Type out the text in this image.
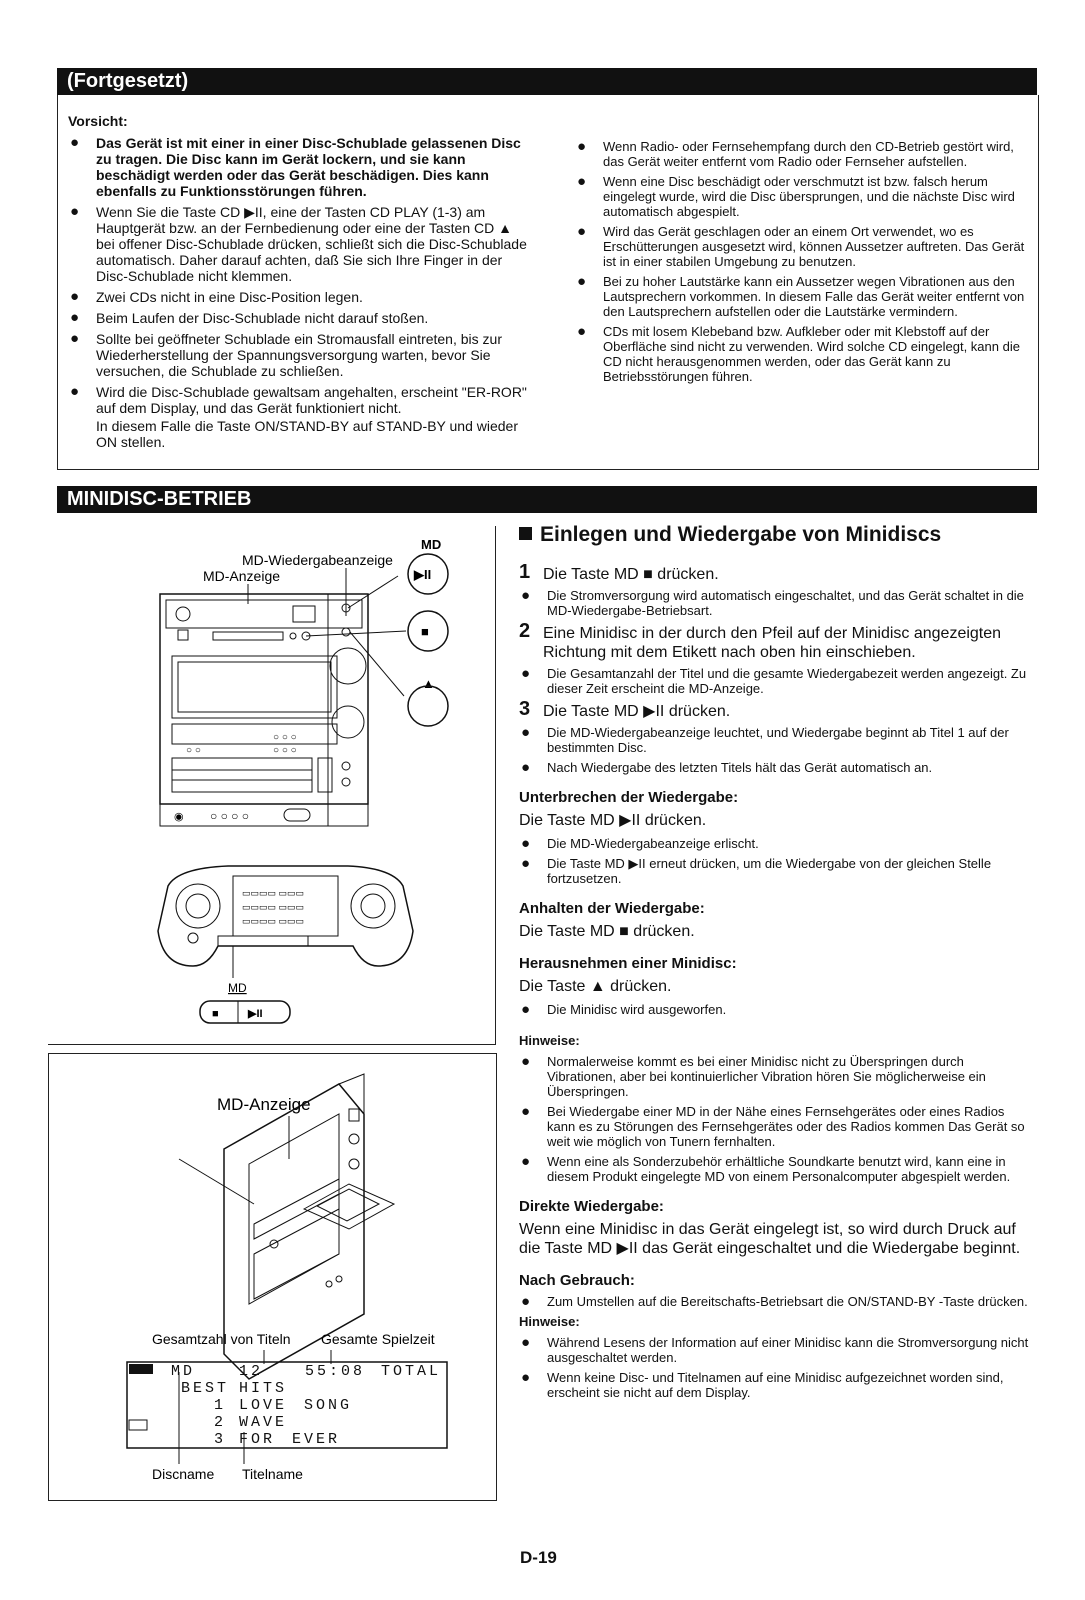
(Fortgesetzt)
Vorsicht:
● Das Gerät ist mit einer in einer Disc-Schublade gelassenen Disc zu tragen. Die Disc kann im Gerät lockern, und sie kann beschädigt werden oder das Gerät beschädigen. Dies kann ebenfalls zu Funktionsstörungen führen.
● Wenn Sie die Taste CD ▶II, eine der Tasten CD PLAY (1-3) am Hauptgerät bzw. an der Fernbedienung oder eine der Tasten CD ▲ bei offener Disc-Schublade drücken, schließt sich die Disc-Schublade automatisch. Daher darauf achten, daß Sie sich Ihre Finger in der Disc-Schublade nicht klemmen.
● Zwei CDs nicht in eine Disc-Position legen.
● Beim Laufen der Disc-Schublade nicht darauf stoßen.
● Sollte bei geöffneter Schublade ein Stromausfall eintreten, bis zur Wiederherstellung der Spannungsversorgung warten, bevor Sie versuchen, die Schublade zu schließen.
● Wird die Disc-Schublade gewaltsam angehalten, erscheint "ER-ROR" auf dem Display, und das Gerät funktioniert nicht.
In diesem Falle die Taste ON/STAND-BY auf STAND-BY und wieder ON stellen.
● Wenn Radio- oder Fernsehempfang durch den CD-Betrieb gestört wird, das Gerät weiter entfernt vom Radio oder Fernseher aufstellen.
● Wenn eine Disc beschädigt oder verschmutzt ist bzw. falsch herum eingelegt wurde, wird die Disc übersprungen, und die nächste Disc wird automatisch abgespielt.
● Wird das Gerät geschlagen oder an einem Ort verwendet, wo es Erschütterungen ausgesetzt wird, können Aussetzer auftreten. Das Gerät ist in einer stabilen Umgebung zu benutzen.
● Bei zu hoher Lautstärke kann ein Aussetzer wegen Vibrationen aus den Lautsprechern vorkommen. In diesem Falle das Gerät weiter entfernt von den Lautsprechern aufstellen oder die Lautstärke vermindern.
● CDs mit losem Klebeband bzw. Aufkleber oder mit Klebstoff auf der Oberfläche sind nicht zu verwenden. Wird solche CD eingelegt, kann die CD nicht herausgenommen werden, oder das Gerät kann zu Betriebsstörungen führen.
MINIDISC-BETRIEB
MD
MD-Wiedergabeanzeige
MD-Anzeige
○ ○ ○
○ ○	○ ○ ○
◉ ○ ○ ○ ○
▶II
■
▲
▭▭▭▭ ▭▭▭
▭▭▭▭ ▭▭▭
▭▭▭▭ ▭▭▭
MD
■	▶II
MD-Anzeige
Gesamtzahl von Titeln Gesamte Spielzeit
Discname Titelname
MD	12	55:08	TOTAL
BEST HITS
1 LOVE SONG
2 WAVE
3 FOR EVER
Einlegen und Wiedergabe von Minidiscs
1 Die Taste MD ■ drücken.
● Die Stromversorgung wird automatisch eingeschaltet, und das Gerät schaltet in die MD-Wiedergabe-Betriebsart.
2 Eine Minidisc in der durch den Pfeil auf der Minidisc angezeigten Richtung mit dem Etikett nach oben hin einschieben.
● Die Gesamtanzahl der Titel und die gesamte Wiedergabezeit werden angezeigt. Zu dieser Zeit erscheint die MD-Anzeige.
3 Die Taste MD ▶II drücken.
● Die MD-Wiedergabeanzeige leuchtet, und Wiedergabe beginnt ab Titel 1 auf der bestimmten Disc.
● Nach Wiedergabe des letzten Titels hält das Gerät automatisch an.
Unterbrechen der Wiedergabe:
Die Taste MD ▶II drücken.
● Die MD-Wiedergabeanzeige erlischt.
● Die Taste MD ▶II erneut drücken, um die Wiedergabe von der gleichen Stelle fortzusetzen.
Anhalten der Wiedergabe:
Die Taste MD ■ drücken.
Herausnehmen einer Minidisc:
Die Taste ▲ drücken.
● Die Minidisc wird ausgeworfen.
Hinweise:
● Normalerweise kommt es bei einer Minidisc nicht zu Überspringen durch Vibrationen, aber bei kontinuierlicher Vibration hören Sie möglicherweise ein Überspringen.
● Bei Wiedergabe einer MD in der Nähe eines Fernsehgerätes oder eines Radios kann es zu Störungen des Fernsehgerätes oder des Radios kommen Das Gerät so weit wie möglich von Tunern fernhalten.
● Wenn eine als Sonderzubehör erhältliche Soundkarte benutzt wird, kann eine in diesem Produkt eingelegte MD von einem Personalcomputer abgespielt werden.
Direkte Wiedergabe:
Wenn eine Minidisc in das Gerät eingelegt ist, so wird durch Druck auf die Taste MD ▶II das Gerät eingeschaltet und die Wiedergabe beginnt.
Nach Gebrauch:
● Zum Umstellen auf die Bereitschafts-Betriebsart die ON/STAND-BY -Taste drücken.
Hinweise:
● Während Lesens der Information auf einer Minidisc kann die Stromversorgung nicht ausgeschaltet werden.
● Wenn keine Disc- und Titelnamen auf eine Minidisc aufgezeichnet worden sind, erscheint sie nicht auf dem Display.
D-19
